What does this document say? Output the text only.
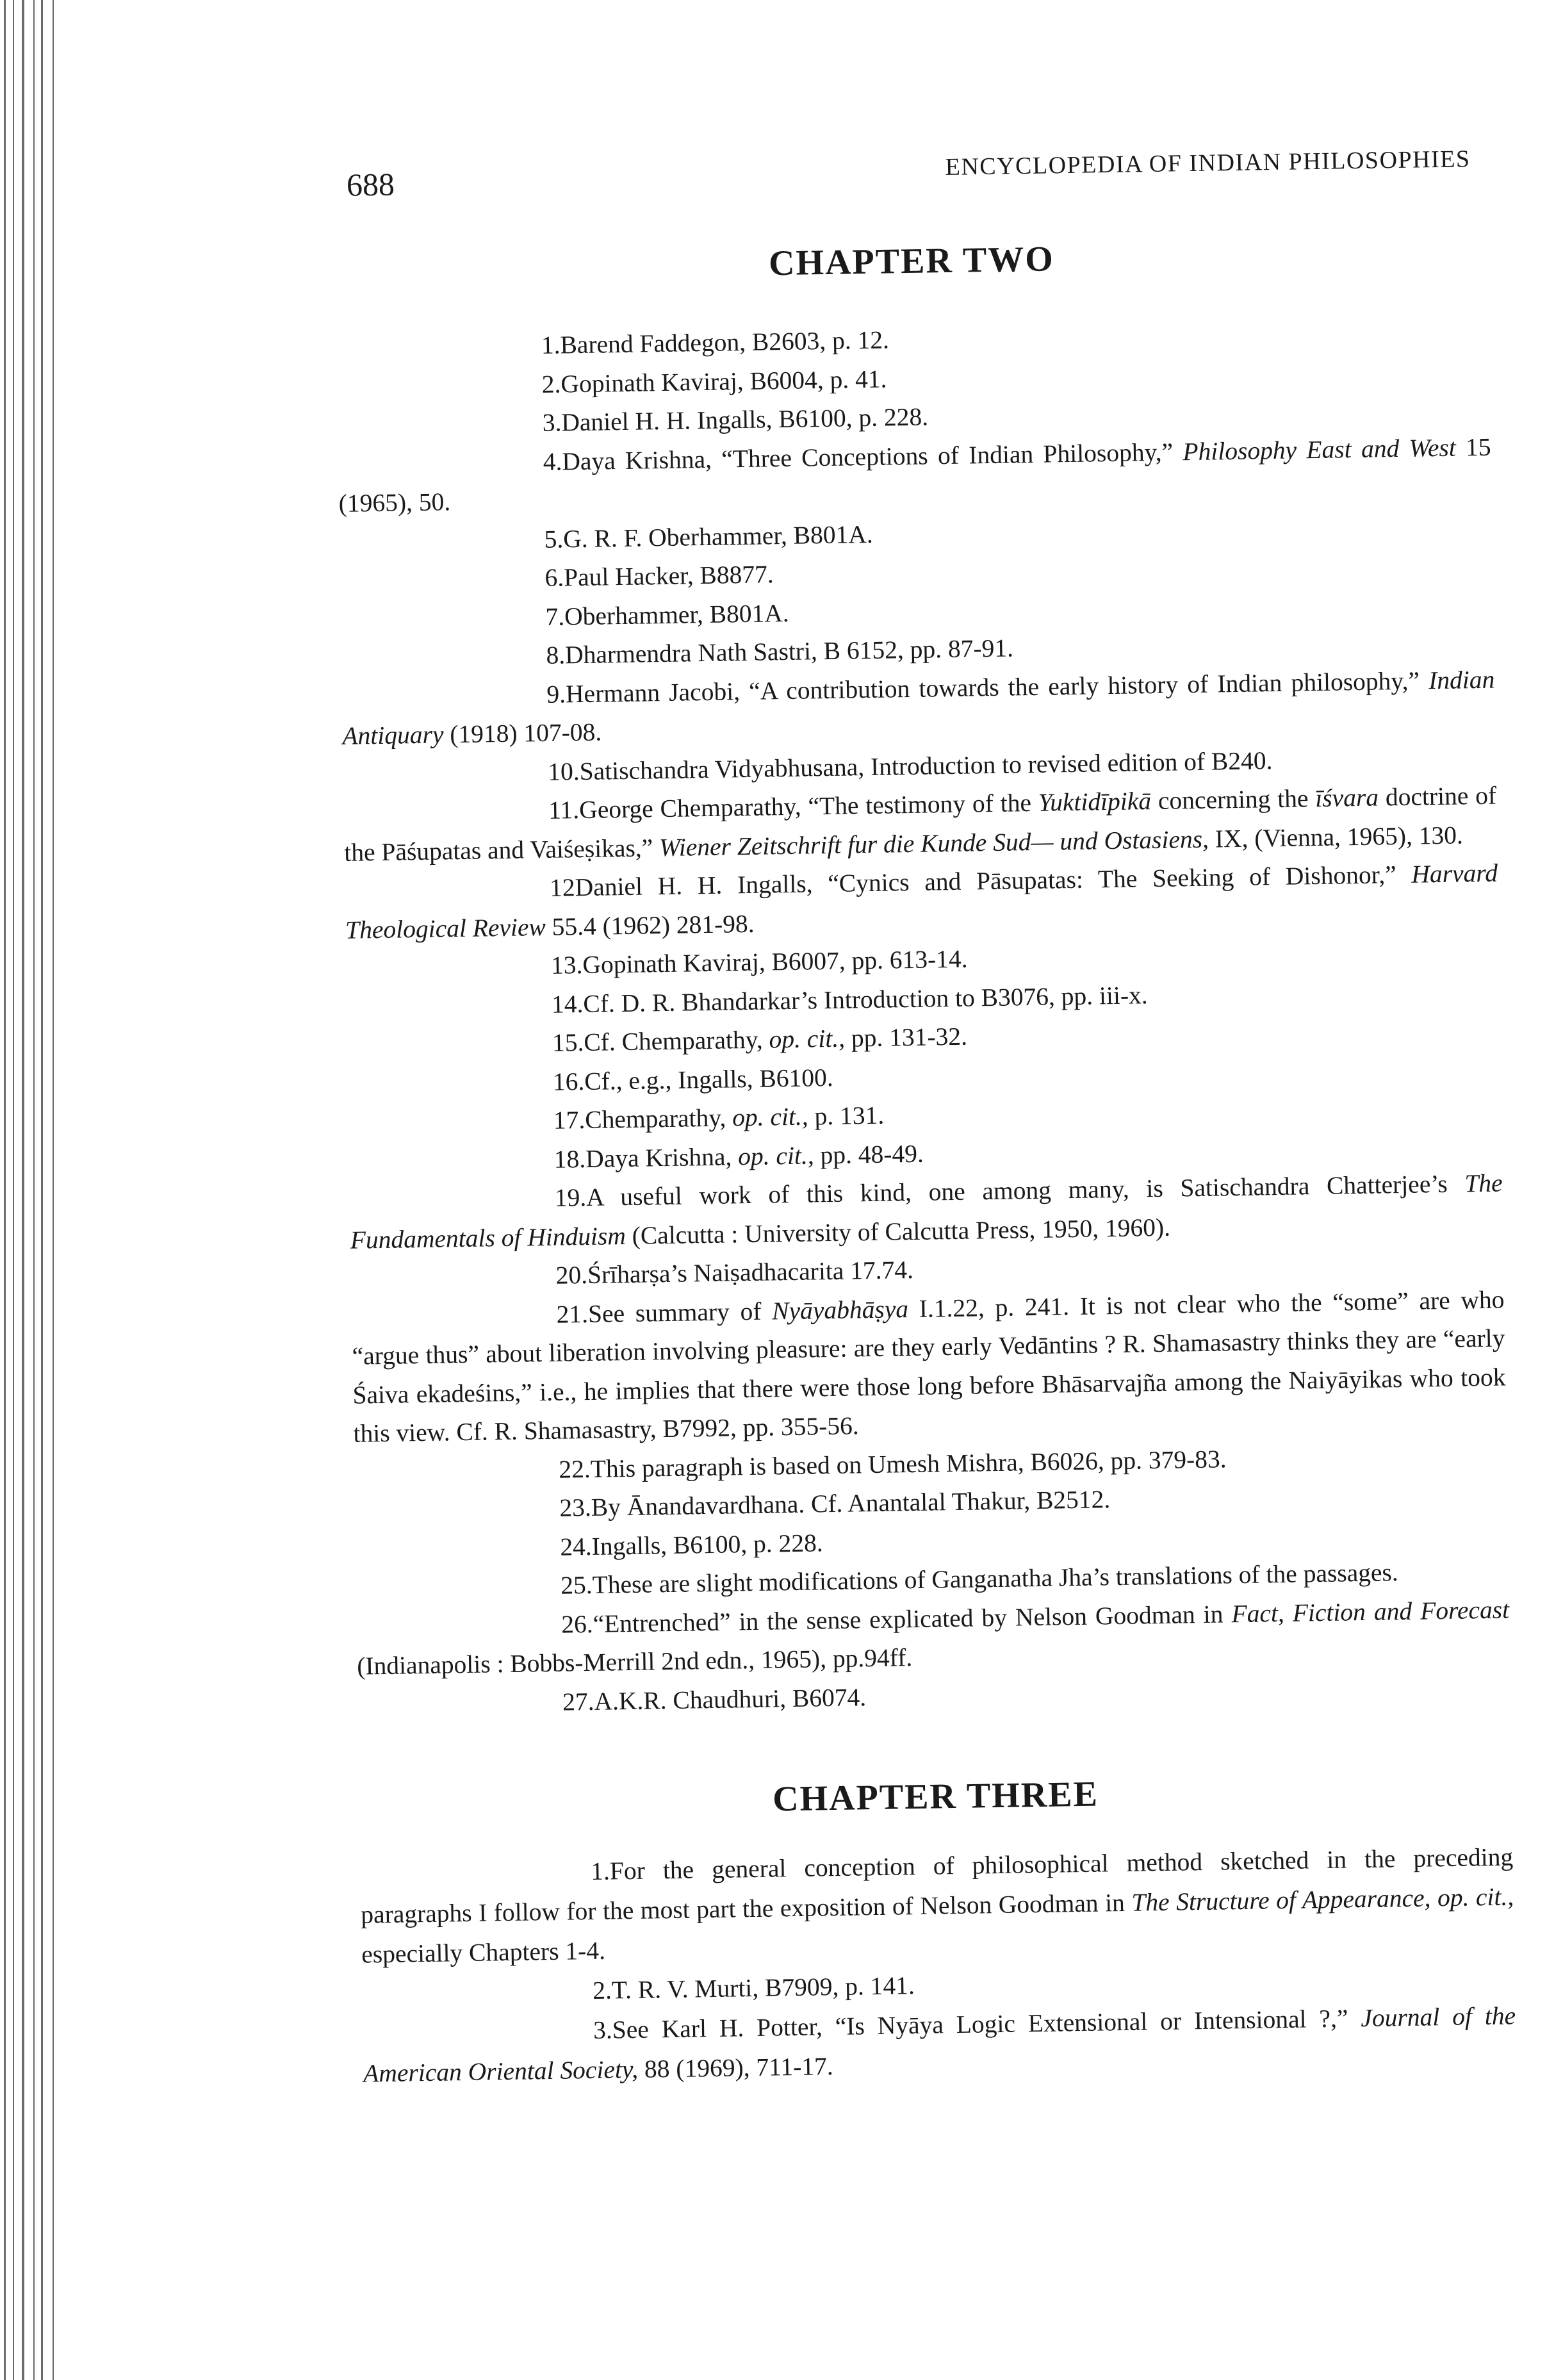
688
ENCYCLOPEDIA OF INDIAN PHILOSOPHIES
CHAPTER TWO
1.Barend Faddegon, B2603, p. 12.
2.Gopinath Kaviraj, B6004, p. 41.
3.Daniel H. H. Ingalls, B6100, p. 228.
4.Daya Krishna, “Three Conceptions of Indian Philosophy,” Philosophy East and West 15 (1965), 50.
5.G. R. F. Oberhammer, B801A.
6.Paul Hacker, B8877.
7.Oberhammer, B801A.
8.Dharmendra Nath Sastri, B 6152, pp. 87-91.
9.Hermann Jacobi, “A contribution towards the early history of Indian philosophy,” Indian Antiquary (1918) 107-08.
10.Satischandra Vidyabhusana, Introduction to revised edition of B240.
11.George Chemparathy, “The testimony of the Yuktidīpikā concerning the īśvara doctrine of the Pāśupatas and Vaiśeṣikas,” Wiener Zeitschrift fur die Kunde Sud— und Ostasiens, IX, (Vienna, 1965), 130.
12Daniel H. H. Ingalls, “Cynics and Pāsupatas: The Seeking of Dishonor,” Harvard Theological Review 55.4 (1962) 281-98.
13.Gopinath Kaviraj, B6007, pp. 613-14.
14.Cf. D. R. Bhandarkar’s Introduction to B3076, pp. iii-x.
15.Cf. Chemparathy, op. cit., pp. 131-32.
16.Cf., e.g., Ingalls, B6100.
17.Chemparathy, op. cit., p. 131.
18.Daya Krishna, op. cit., pp. 48-49.
19.A useful work of this kind, one among many, is Satischandra Chatterjee’s The Fundamentals of Hinduism (Calcutta : University of Calcutta Press, 1950, 1960).
20.Śrīharṣa’s Naiṣadhacarita 17.74.
21.See summary of Nyāyabhāṣya I.1.22, p. 241. It is not clear who the “some” are who “argue thus” about liberation involving pleasure: are they early Vedāntins ? R. Shamasastry thinks they are “early Śaiva ekadeśins,” i.e., he implies that there were those long before Bhāsarvajña among the Naiyāyikas who took this view. Cf. R. Shamasastry, B7992, pp. 355-56.
22.This paragraph is based on Umesh Mishra, B6026, pp. 379-83.
23.By Ānandavardhana. Cf. Anantalal Thakur, B2512.
24.Ingalls, B6100, p. 228.
25.These are slight modifications of Ganganatha Jha’s translations of the passages.
26.“Entrenched” in the sense explicated by Nelson Goodman in Fact, Fiction and Forecast (Indianapolis : Bobbs-Merrill 2nd edn., 1965), pp.94ff.
27.A.K.R. Chaudhuri, B6074.
CHAPTER THREE
1.For the general conception of philosophical method sketched in the preceding paragraphs I follow for the most part the exposition of Nelson Goodman in The Structure of Appearance, op. cit., especially Chapters 1-4.
2.T. R. V. Murti, B7909, p. 141.
3.See Karl H. Potter, “Is Nyāya Logic Extensional or Intensional ?,” Journal of the American Oriental Society, 88 (1969), 711-17.
